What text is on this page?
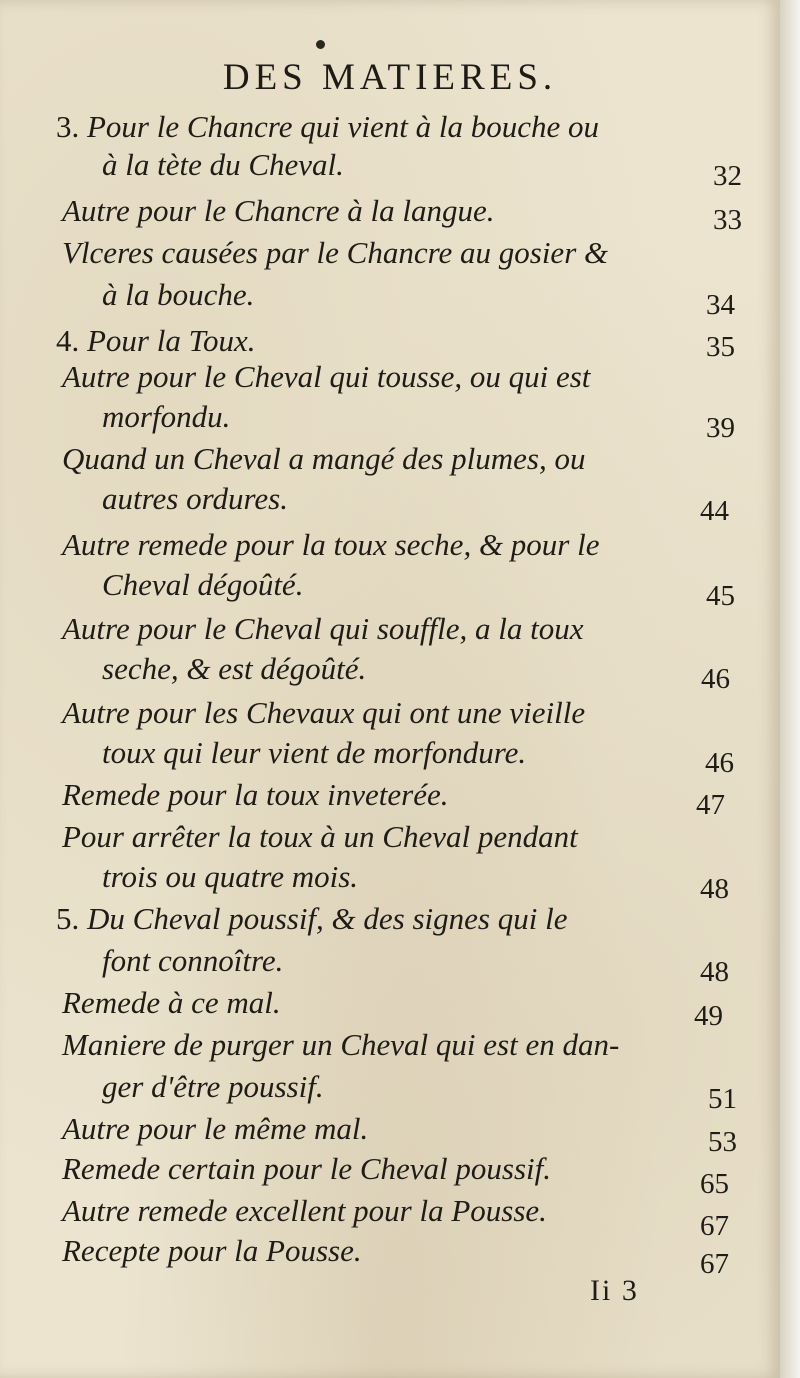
DES MATIERES.
3. Pour le Chancre qui vient à la bouche ou
à la tète du Cheval.	32
Autre pour le Chancre à la langue.	33
Vlceres causées par le Chancre au gosier &
à la bouche.	34
4. Pour la Toux.	35
Autre pour le Cheval qui tousse, ou qui est
morfondu.	39
Quand un Cheval a mangé des plumes, ou
autres ordures.	44
Autre remede pour la toux seche, & pour le
Cheval dégoûté.	45
Autre pour le Cheval qui souffle, a la toux
seche, & est dégoûté.	46
Autre pour les Chevaux qui ont une vieille
toux qui leur vient de morfondure.	46
Remede pour la toux inveterée.	47
Pour arrêter la toux à un Cheval pendant
trois ou quatre mois.	48
5. Du Cheval poussif, & des signes qui le
font connoître.	48
Remede à ce mal.	49
Maniere de purger un Cheval qui est en dan-
ger d'être poussif.	51
Autre pour le même mal.	53
Remede certain pour le Cheval poussif.	65
Autre remede excellent pour la Pousse.	67
Recepte pour la Pousse.	67
Ii 3
